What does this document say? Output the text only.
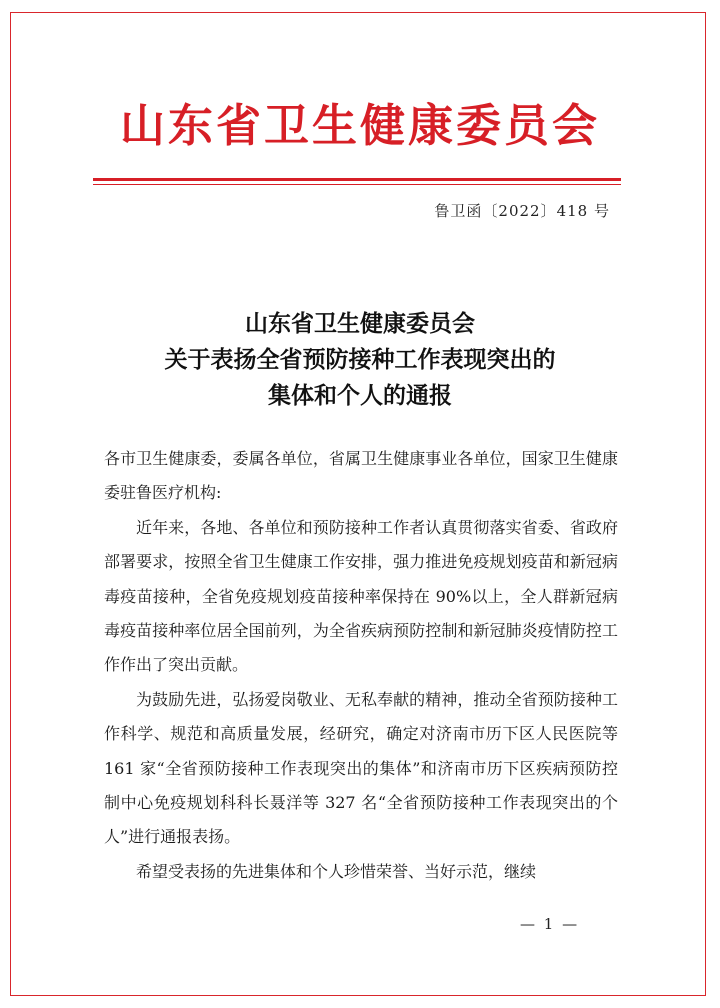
山东省卫生健康委员会
鲁卫函〔2022〕418 号
山东省卫生健康委员会
关于表扬全省预防接种工作表现突出的
集体和个人的通报

各市卫生健康委，委属各单位，省属卫生健康事业各单位，国家卫生健康委驻鲁医疗机构:

近年来，各地、各单位和预防接种工作者认真贯彻落实省委、省政府部署要求，按照全省卫生健康工作安排，强力推进免疫规划疫苗和新冠病毒疫苗接种，全省免疫规划疫苗接种率保持在 90%以上，全人群新冠病毒疫苗接种率位居全国前列，为全省疾病预防控制和新冠肺炎疫情防控工作作出了突出贡献。

为鼓励先进，弘扬爱岗敬业、无私奉献的精神，推动全省预防接种工作科学、规范和高质量发展，经研究，确定对济南市历下区人民医院等 161 家“全省预防接种工作表现突出的集体”和济南市历下区疾病预防控制中心免疫规划科科长聂洋等 327 名“全省预防接种工作表现突出的个人”进行通报表扬。

希望受表扬的先进集体和个人珍惜荣誉、当好示范，继续

— 1 —
